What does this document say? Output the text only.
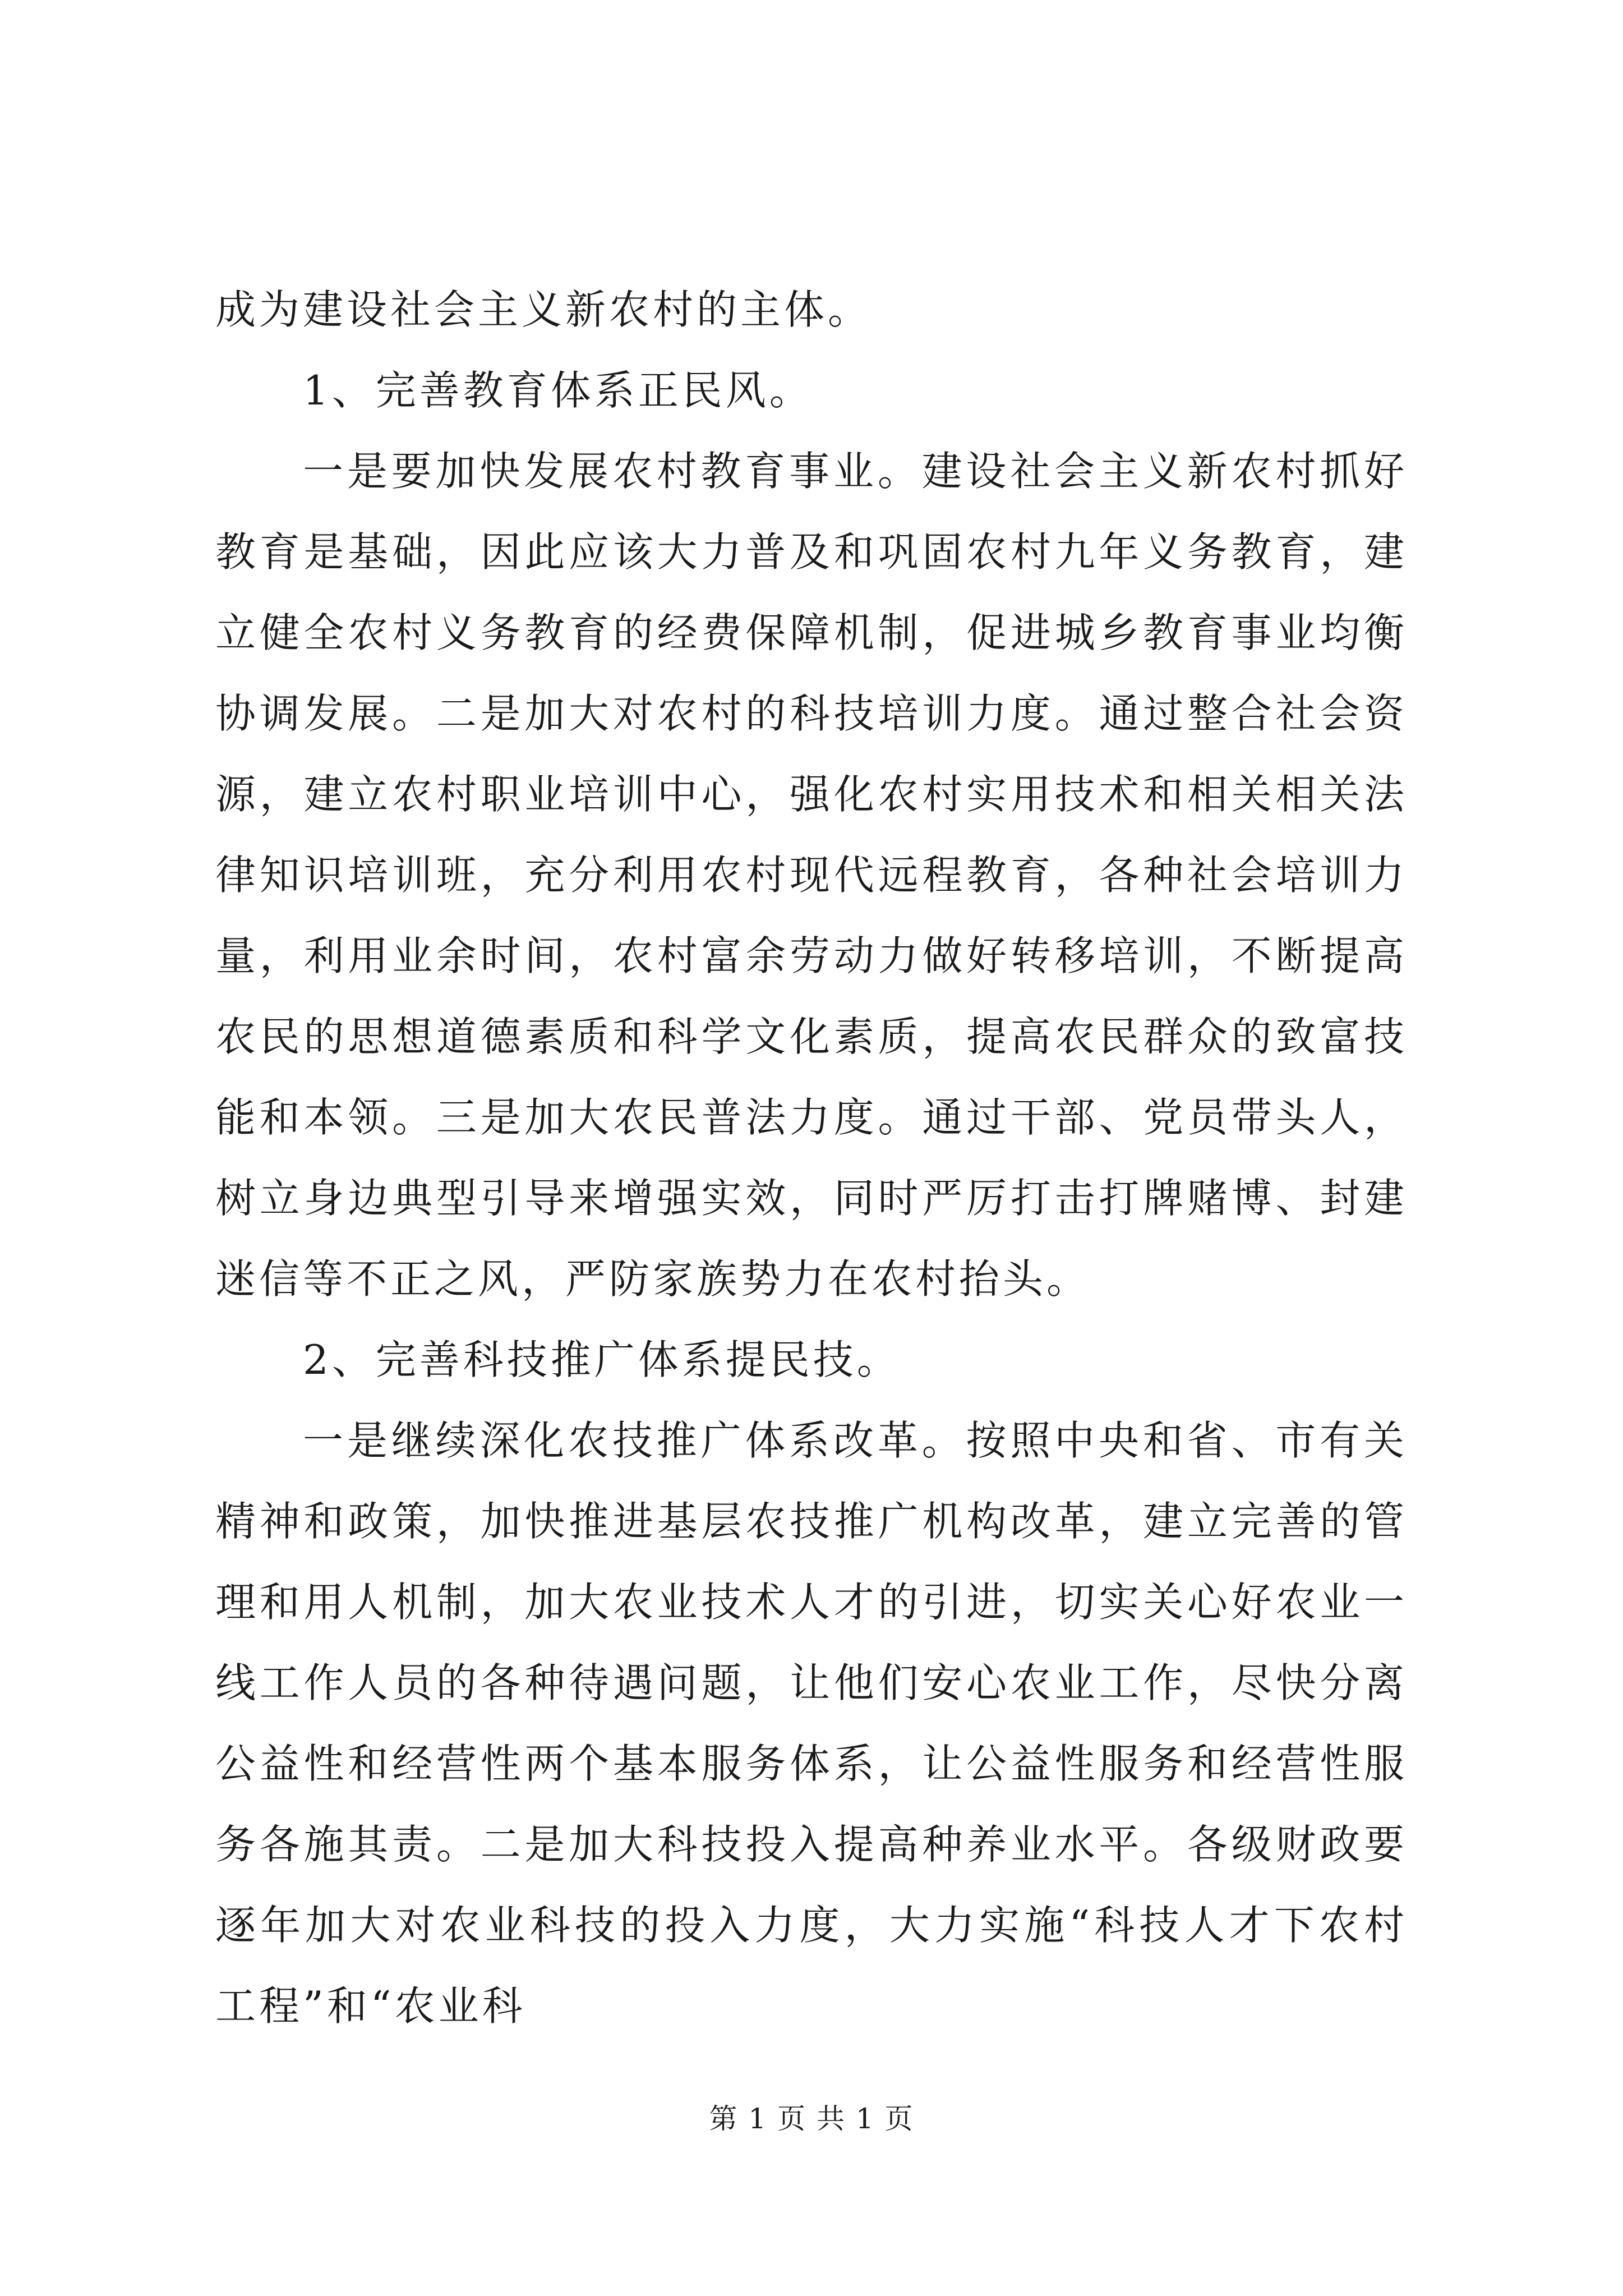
成为建设社会主义新农村的主体。

1、完善教育体系正民风。

一是要加快发展农村教育事业。建设社会主义新农村抓好教育是基础，因此应该大力普及和巩固农村九年义务教育，建立健全农村义务教育的经费保障机制，促进城乡教育事业均衡协调发展。二是加大对农村的科技培训力度。通过整合社会资源，建立农村职业培训中心，强化农村实用技术和相关相关法律知识培训班，充分利用农村现代远程教育，各种社会培训力量，利用业余时间，农村富余劳动力做好转移培训，不断提高农民的思想道德素质和科学文化素质，提高农民群众的致富技能和本领。三是加大农民普法力度。通过干部、党员带头人，树立身边典型引导来增强实效，同时严厉打击打牌赌博、封建迷信等不正之风，严防家族势力在农村抬头。

2、完善科技推广体系提民技。

一是继续深化农技推广体系改革。按照中央和省、市有关精神和政策，加快推进基层农技推广机构改革，建立完善的管理和用人机制，加大农业技术人才的引进，切实关心好农业一线工作人员的各种待遇问题，让他们安心农业工作，尽快分离公益性和经营性两个基本服务体系，让公益性服务和经营性服务各施其责。二是加大科技投入提高种养业水平。各级财政要逐年加大对农业科技的投入力度，大力实施“科技人才下农村工程”和“农业科

第 1 页 共 1 页
